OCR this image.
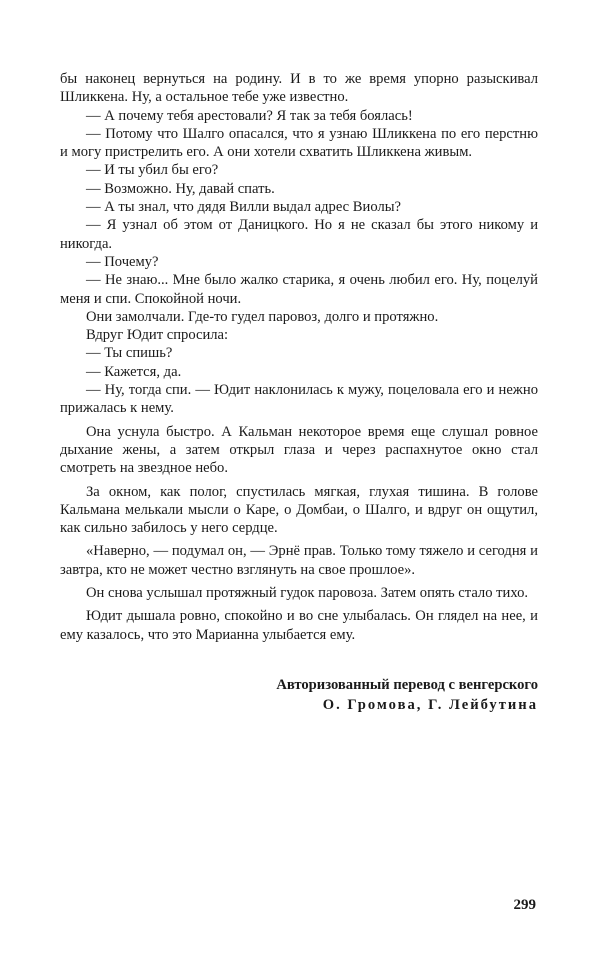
бы наконец вернуться на родину. И в то же время упорно разыскивал Шликкена. Ну, а остальное тебе уже известно.

— А почему тебя арестовали? Я так за тебя боялась!

— Потому что Шалго опасался, что я узнаю Шликкена по его перстню и могу пристрелить его. А они хотели схватить Шликкена живым.

— И ты убил бы его?

— Возможно. Ну, давай спать.

— А ты знал, что дядя Вилли выдал адрес Виолы?

— Я узнал об этом от Даницкого. Но я не сказал бы этого никому и никогда.

— Почему?

— Не знаю... Мне было жалко старика, я очень любил его. Ну, поцелуй меня и спи. Спокойной ночи.

Они замолчали. Где-то гудел паровоз, долго и протяжно.

Вдруг Юдит спросила:

— Ты спишь?

— Кажется, да.

— Ну, тогда спи. — Юдит наклонилась к мужу, поцеловала его и нежно прижалась к нему.

Она уснула быстро. А Кальман некоторое время еще слушал ровное дыхание жены, а затем открыл глаза и через распахнутое окно стал смотреть на звездное небо.

За окном, как полог, спустилась мягкая, глухая тишина. В голове Кальмана мелькали мысли о Каре, о Домбаи, о Шалго, и вдруг он ощутил, как сильно забилось у него сердце.

«Наверно, — подумал он, — Эрнё прав. Только тому тяжело и сегодня и завтра, кто не может честно взглянуть на свое прошлое».

Он снова услышал протяжный гудок паровоза. Затем опять стало тихо.

Юдит дышала ровно, спокойно и во сне улыбалась. Он глядел на нее, и ему казалось, что это Марианна улыбается ему.

Авторизованный перевод с венгерского
О. Громова, Г. Лейбутина
299
